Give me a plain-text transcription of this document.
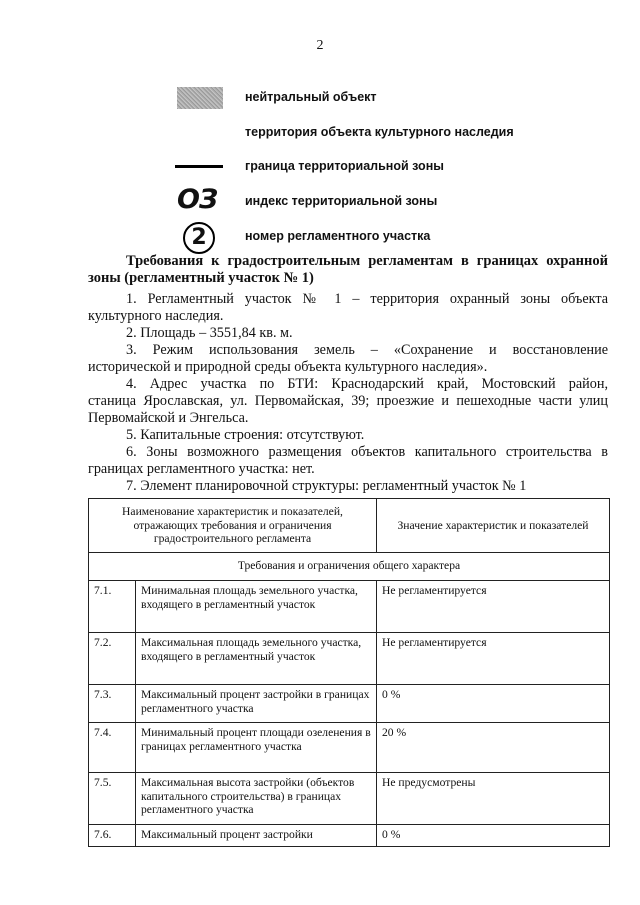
2
нейтральный объект
территория объекта культурного наследия
граница территориальной зоны
ОЗ индекс территориальной зоны
2	номер регламентного участка
Требования к градостроительным регламентам в границах охранной
зоны (регламентный участок № 1)
1. Регламентный участок № 1 – территория охранный зоны объекта
культурного наследия.
2. Площадь – 3551,84 кв. м.
3. Режим использования земель – «Сохранение и восстановление
исторической и природной среды объекта культурного наследия».
4. Адрес участка по БТИ: Краснодарский край, Мостовский район,
станица Ярославская, ул. Первомайская, 39; проезжие и пешеходные части улиц Первомайской и Энгельса.
5. Капитальные строения: отсутствуют.
6. Зоны возможного размещения объектов капитального строительства в
границах регламентного участка: нет.
7. Элемент планировочной структуры: регламентный участок № 1
Наименование характеристик и показателей, отражающих требования и ограничения градостроительного регламента		Значение характеристик и показателей
Требования и ограничения общего характера		
7.1.	Минимальная площадь земельного участка, входящего в регламентный участок	Не регламентируется
7.2.	Максимальная площадь земельного участка, входящего в регламентный участок	Не регламентируется
7.3.	Максимальный процент застройки в границах регламентного участка	0 %
7.4.	Минимальный процент площади озеленения в границах регламентного участка	20 %
7.5.	Максимальная высота застройки (объектов капитального строительства) в границах регламентного участка	Не предусмотрены
7.6.	Максимальный процент застройки	0 %
